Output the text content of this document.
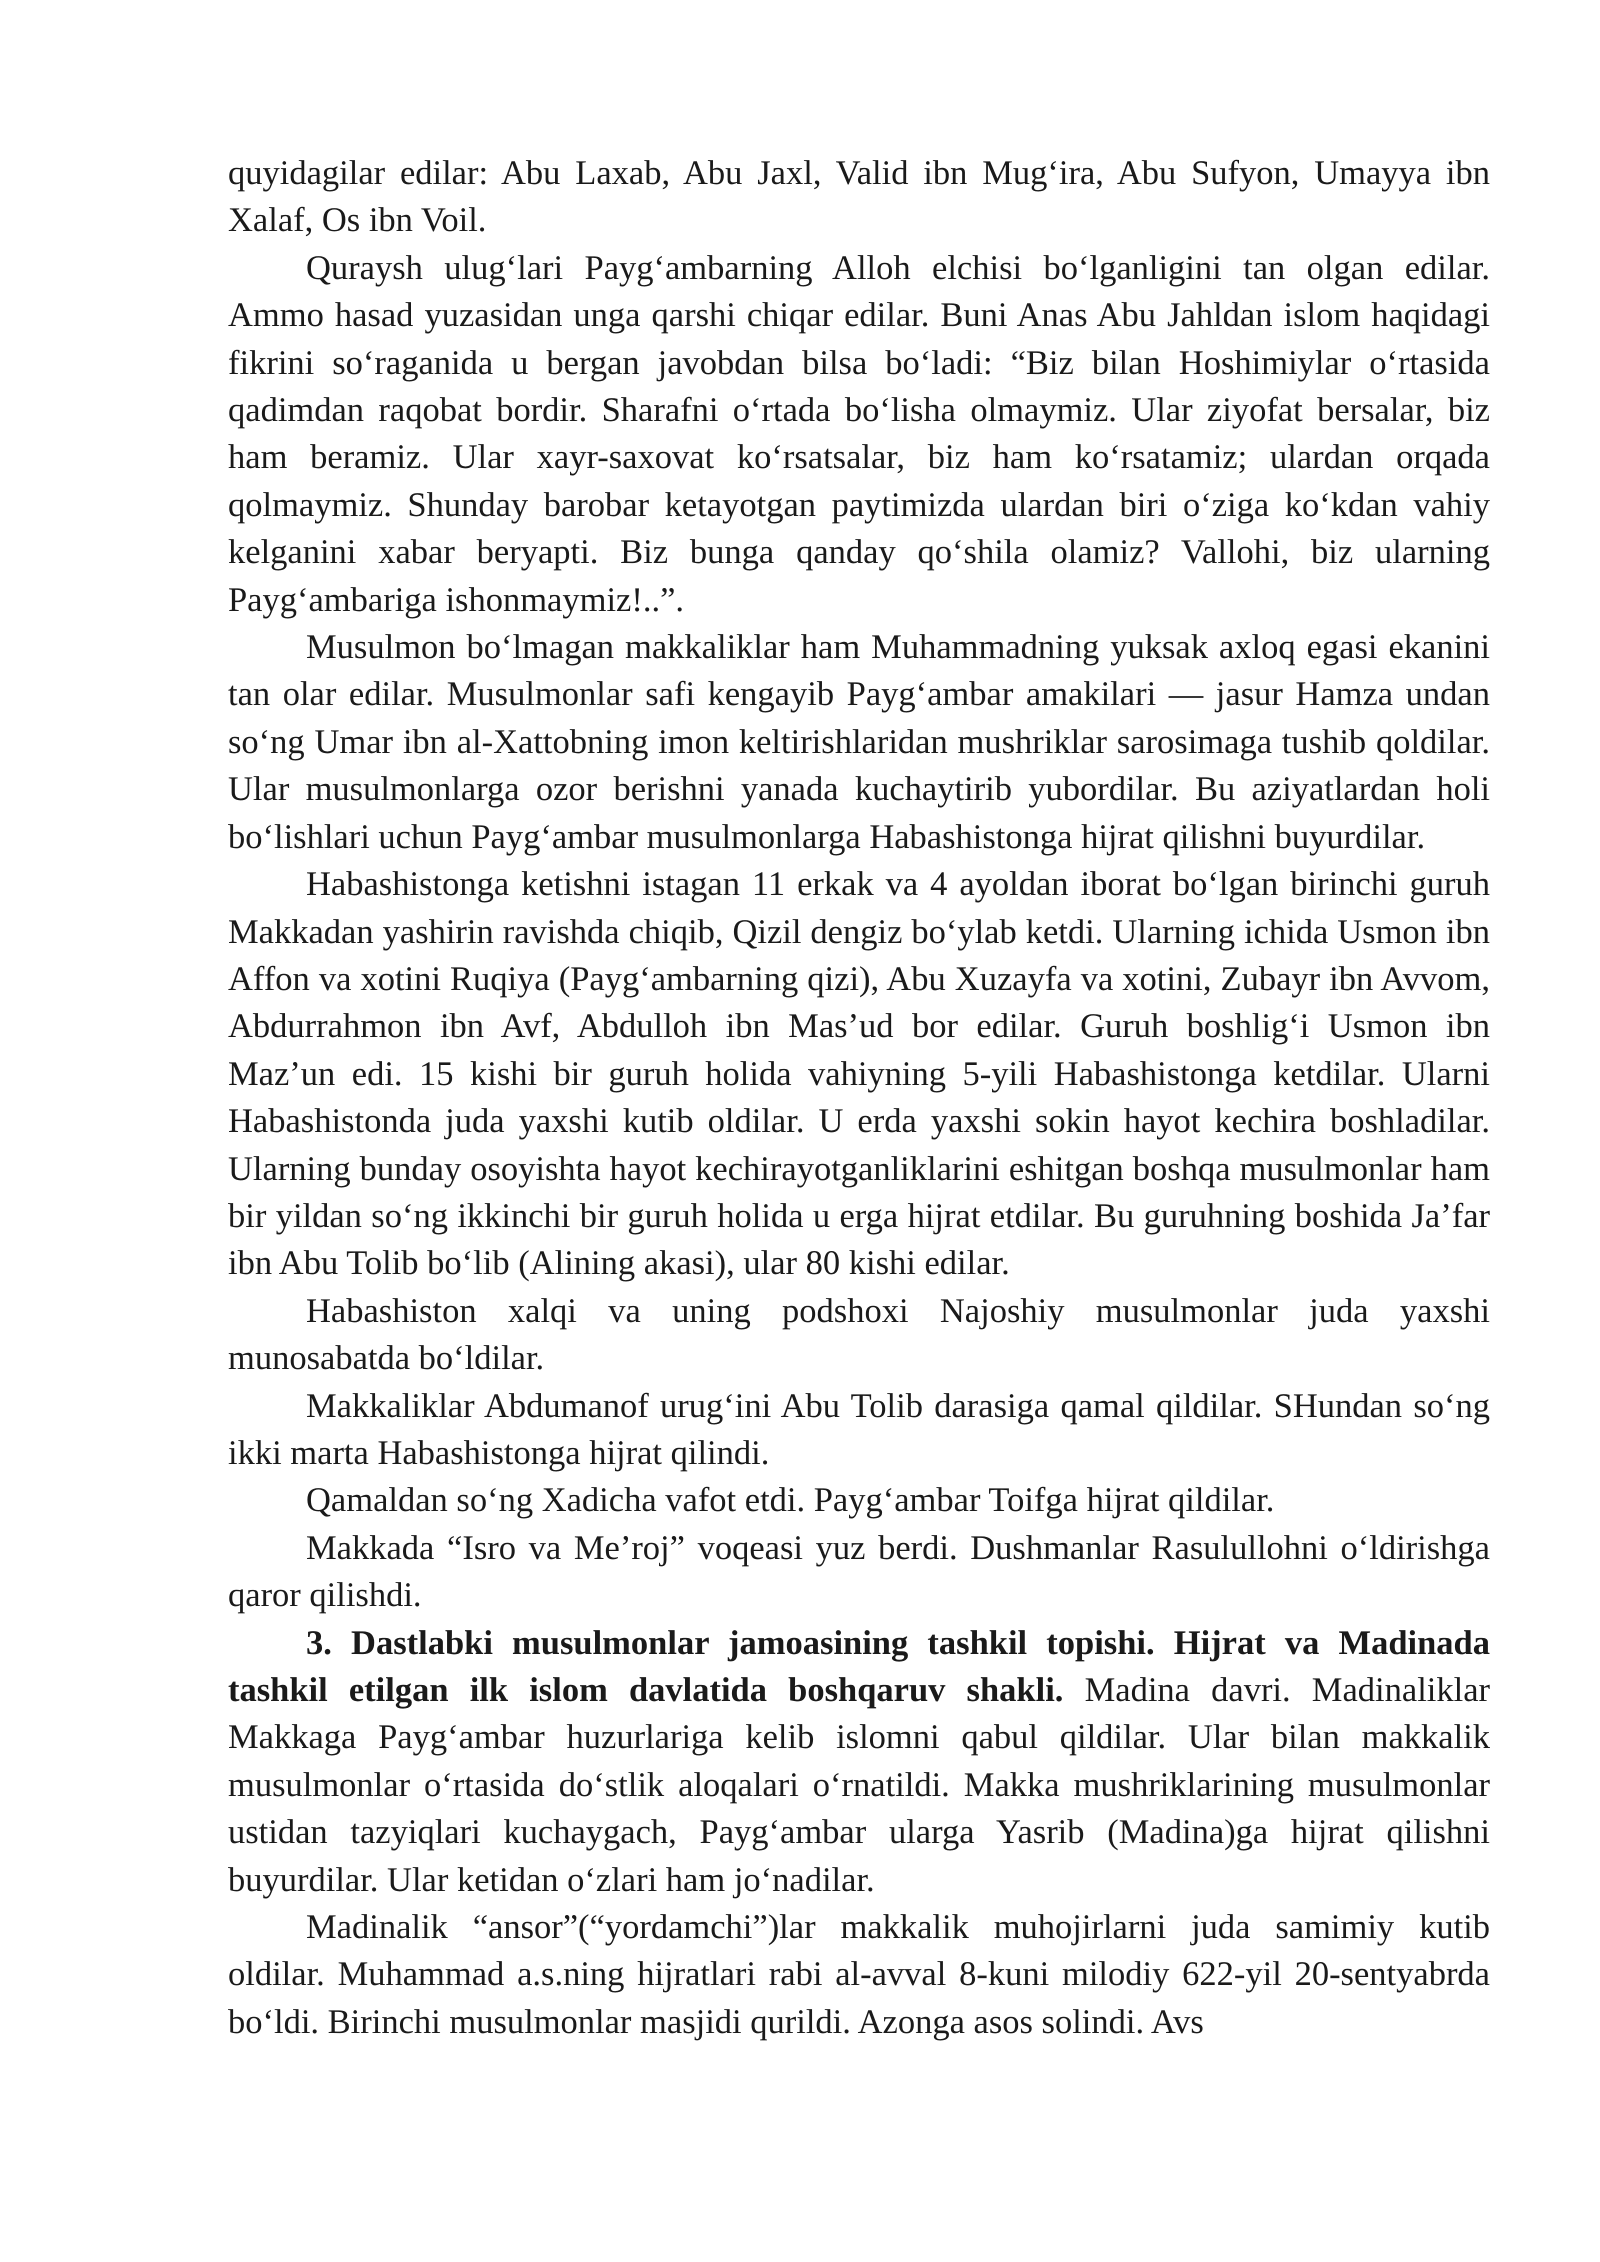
quyidagilar edilar: Abu Laxab, Abu Jaxl, Valid ibn Mug‘ira, Abu Sufyon, Umayya ibn Xalaf, Os ibn Voil.

Quraysh ulug‘lari Payg‘ambarning Alloh elchisi bo‘lganligini tan olgan edilar. Ammo hasad yuzasidan unga qarshi chiqar edilar. Buni Anas Abu Jahldan islom haqidagi fikrini so‘raganida u bergan javobdan bilsa bo‘ladi: “Biz bilan Hoshimiylar o‘rtasida qadimdan raqobat bordir. Sharafni o‘rtada bo‘lisha olmaymiz. Ular ziyofat bersalar, biz ham beramiz. Ular xayr-saxovat ko‘rsatsalar, biz ham ko‘rsatamiz; ulardan orqada qolmaymiz. Shunday barobar ketayotgan paytimizda ulardan biri o‘ziga ko‘kdan vahiy kelganini xabar beryapti. Biz bunga qanday qo‘shila olamiz? Vallohi, biz ularning Payg‘ambariga ishonmaymiz!..”.

Musulmon bo‘lmagan makkaliklar ham Muhammadning yuksak axloq egasi ekanini tan olar edilar. Musulmonlar safi kengayib Payg‘ambar amakilari — jasur Hamza undan so‘ng Umar ibn al-Xattobning imon keltirishlaridan mushriklar sarosimaga tushib qoldilar. Ular musulmonlarga ozor berishni yanada kuchaytirib yubordilar. Bu aziyatlardan holi bo‘lishlari uchun Payg‘ambar musulmonlarga Habashistonga hijrat qilishni buyurdilar.

Habashistonga ketishni istagan 11 erkak va 4 ayoldan iborat bo‘lgan birinchi guruh Makkadan yashirin ravishda chiqib, Qizil dengiz bo‘ylab ketdi. Ularning ichida Usmon ibn Affon va xotini Ruqiya (Payg‘ambarning qizi), Abu Xuzayfa va xotini, Zubayr ibn Avvom, Abdurrahmon ibn Avf, Abdulloh ibn Mas’ud bor edilar. Guruh boshlig‘i Usmon ibn Maz’un edi. 15 kishi bir guruh holida vahiyning 5-yili Habashistonga ketdilar. Ularni Habashistonda juda yaxshi kutib oldilar. U erda yaxshi sokin hayot kechira boshladilar. Ularning bunday osoyishta hayot kechirayotganliklarini eshitgan boshqa musulmonlar ham bir yildan so‘ng ikkinchi bir guruh holida u erga hijrat etdilar. Bu guruhning boshida Ja’far ibn Abu Tolib bo‘lib (Alining akasi), ular 80 kishi edilar.

Habashiston xalqi va uning podshoxi Najoshiy musulmonlar juda yaxshi munosabatda bo‘ldilar.

Makkaliklar Abdumanof urug‘ini Abu Tolib darasiga qamal qildilar. SHundan so‘ng ikki marta Habashistonga hijrat qilindi.

Qamaldan so‘ng Xadicha vafot etdi. Payg‘ambar Toifga hijrat qildilar.

Makkada “Isro va Me’roj” voqeasi yuz berdi. Dushmanlar Rasulullohni o‘ldirishga qaror qilishdi.

3. Dastlabki musulmonlar jamoasining tashkil topishi. Hijrat va Madinada tashkil etilgan ilk islom davlatida boshqaruv shakli. Madina davri. Madinaliklar Makkaga Payg‘ambar huzurlariga kelib islomni qabul qildilar. Ular bilan makkalik musulmonlar o‘rtasida do‘stlik aloqalari o‘rnatildi. Makka mushriklarining musulmonlar ustidan tazyiqlari kuchaygach, Payg‘ambar ularga Yasrib (Madina)ga hijrat qilishni buyurdilar. Ular ketidan o‘zlari ham jo‘nadilar.

Madinalik “ansor”(“yordamchi”)lar makkalik muhojirlarni juda samimiy kutib oldilar. Muhammad a.s.ning hijratlari rabi al-avval 8-kuni milodiy 622-yil 20-sentyabrda bo‘ldi. Birinchi musulmonlar masjidi qurildi. Azonga asos solindi. Avs
